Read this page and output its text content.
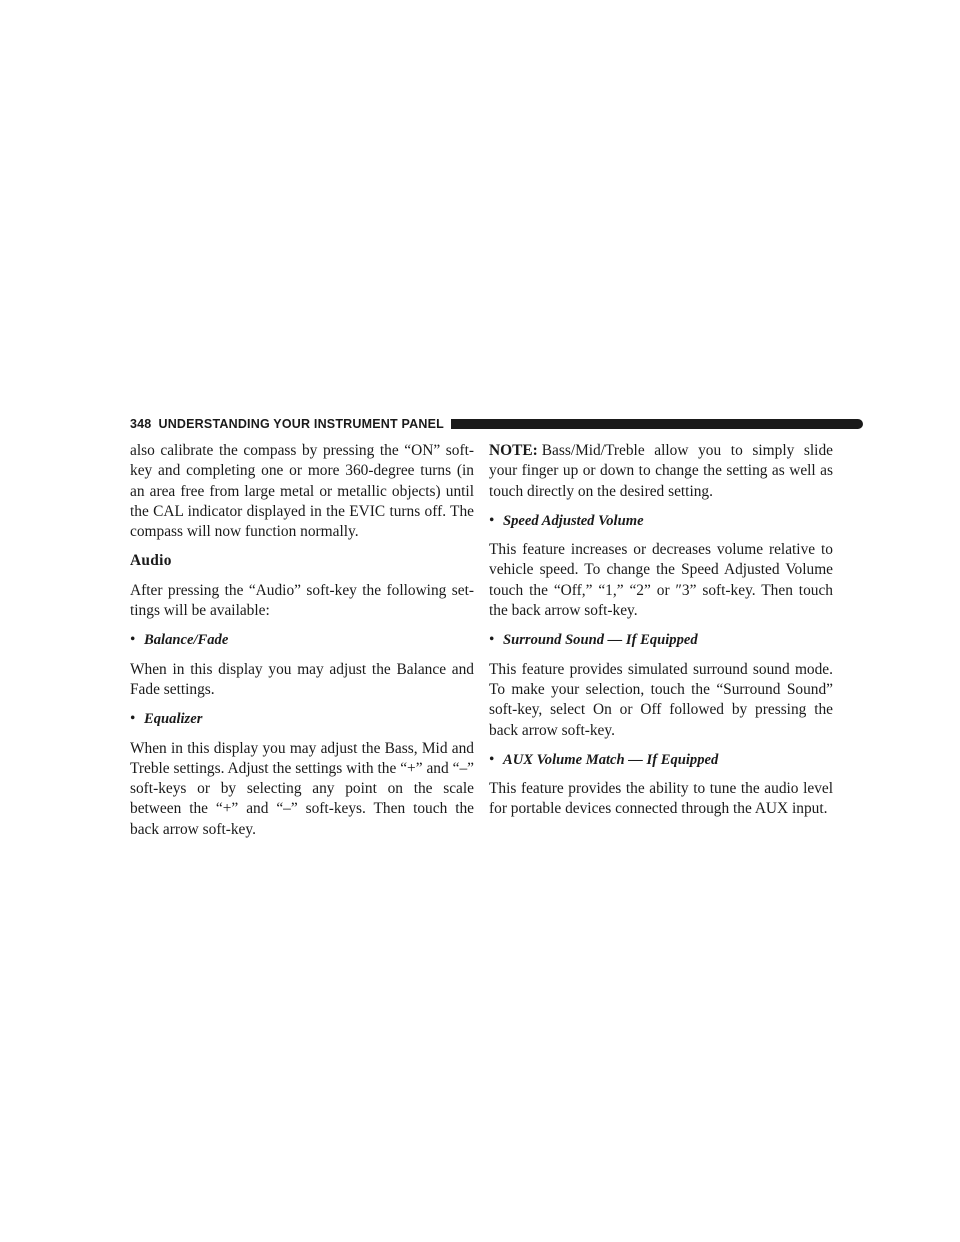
348 UNDERSTANDING YOUR INSTRUMENT PANEL

also calibrate the compass by pressing the “ON” soft-key and completing one or more 360-degree turns (in an area free from large metal or metallic objects) until the CAL indicator displayed in the EVIC turns off. The compass will now function normally.

Audio

After pressing the “Audio” soft-key the following set- tings will be available:

• Balance/Fade

When in this display you may adjust the Balance and Fade settings.

• Equalizer

When in this display you may adjust the Bass, Mid and Treble settings. Adjust the settings with the “+” and “–” soft-keys or by selecting any point on the scale between the “+” and “–” soft-keys. Then touch the back arrow soft-key.

NOTE: Bass/Mid/Treble allow you to simply slide your finger up or down to change the setting as well as touch directly on the desired setting.

• Speed Adjusted Volume

This feature increases or decreases volume relative to vehicle speed. To change the Speed Adjusted Volume touch the “Off,” “1,” “2” or ″3” soft-key. Then touch the back arrow soft-key.

• Surround Sound — If Equipped

This feature provides simulated surround sound mode. To make your selection, touch the “Surround Sound” soft-key, select On or Off followed by pressing the back arrow soft-key.

• AUX Volume Match — If Equipped

This feature provides the ability to tune the audio level for portable devices connected through the AUX input.
